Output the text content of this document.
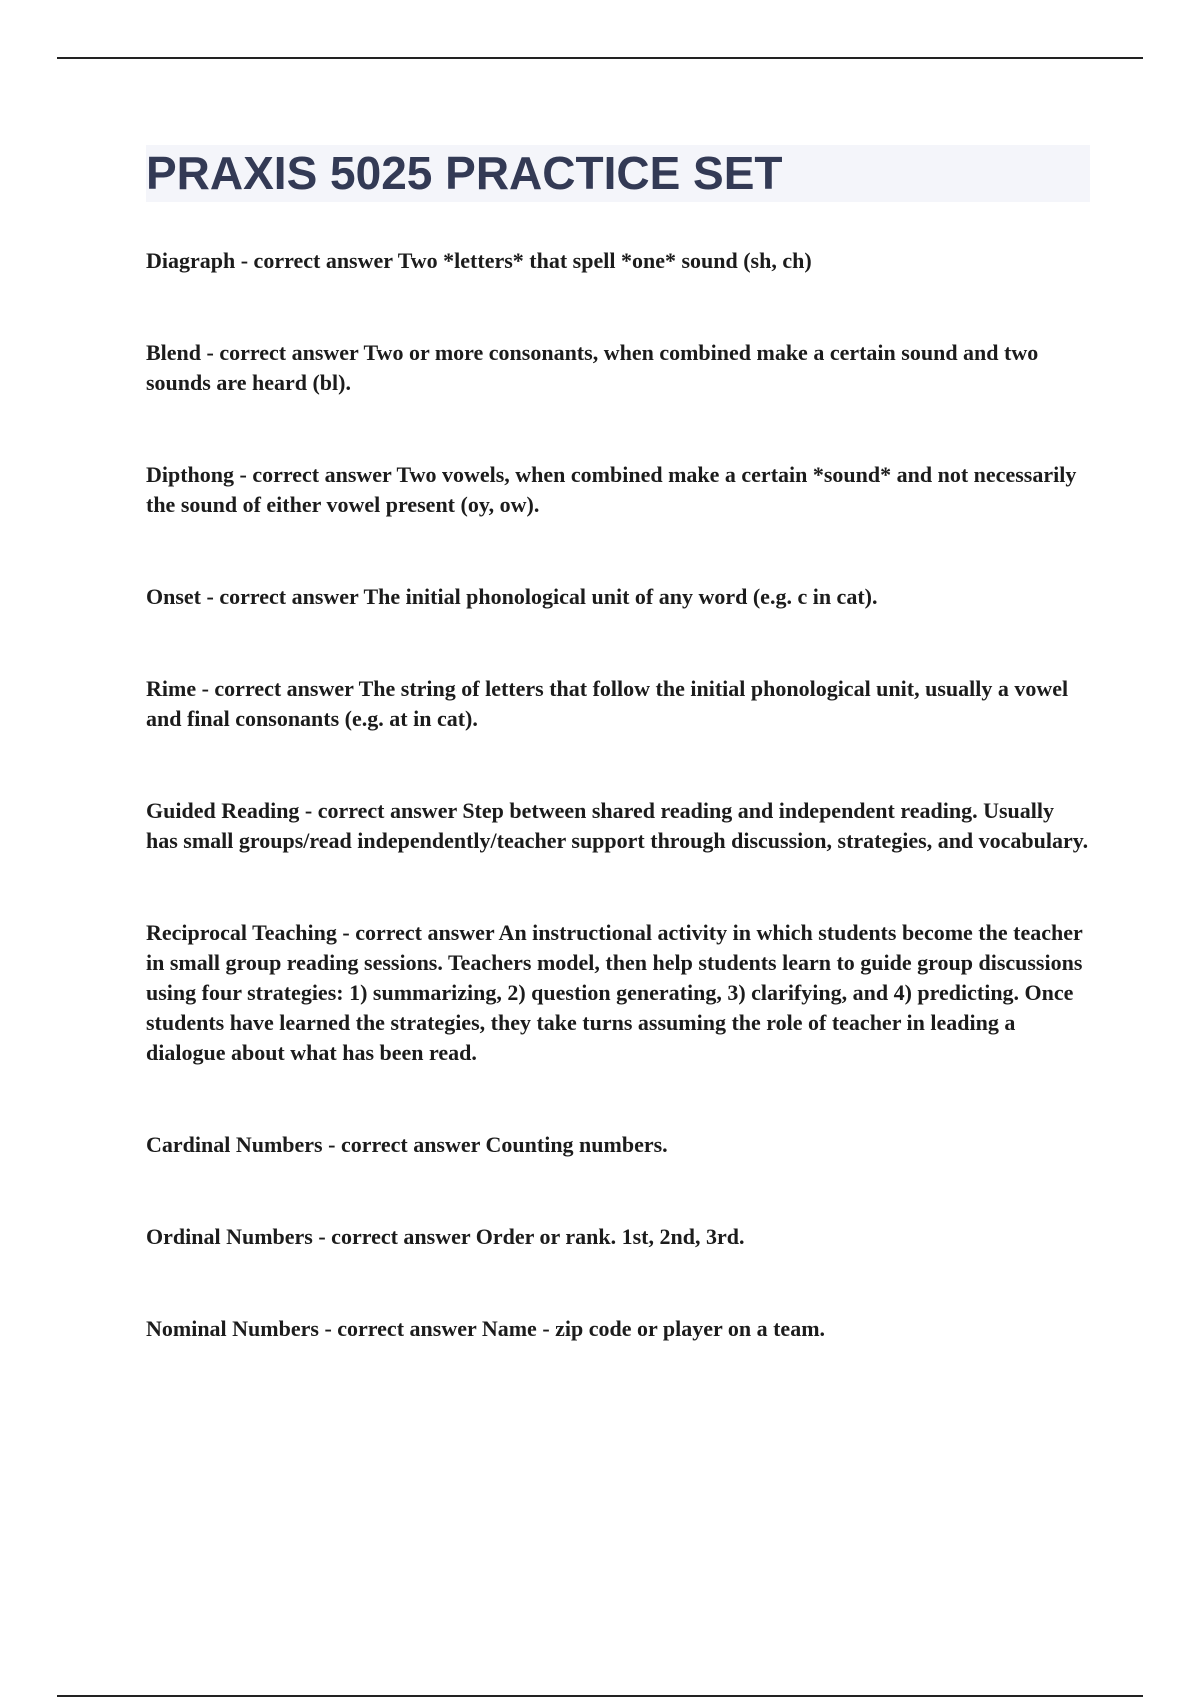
PRAXIS 5025 PRACTICE SET
Diagraph - correct answer Two *letters* that spell *one* sound (sh, ch)
Blend - correct answer Two or more consonants, when combined make a certain sound and two sounds are heard (bl).
Dipthong - correct answer Two vowels, when combined make a certain *sound* and not necessarily the sound of either vowel present (oy, ow).
Onset - correct answer The initial phonological unit of any word (e.g. c in cat).
Rime - correct answer The string of letters that follow the initial phonological unit, usually a vowel and final consonants (e.g. at in cat).
Guided Reading - correct answer Step between shared reading and independent reading. Usually has small groups/read independently/teacher support through discussion, strategies, and vocabulary.
Reciprocal Teaching - correct answer An instructional activity in which students become the teacher in small group reading sessions. Teachers model, then help students learn to guide group discussions using four strategies: 1) summarizing, 2) question generating, 3) clarifying, and 4) predicting. Once students have learned the strategies, they take turns assuming the role of teacher in leading a dialogue about what has been read.
Cardinal Numbers - correct answer Counting numbers.
Ordinal Numbers - correct answer Order or rank. 1st, 2nd, 3rd.
Nominal Numbers - correct answer Name - zip code or player on a team.
